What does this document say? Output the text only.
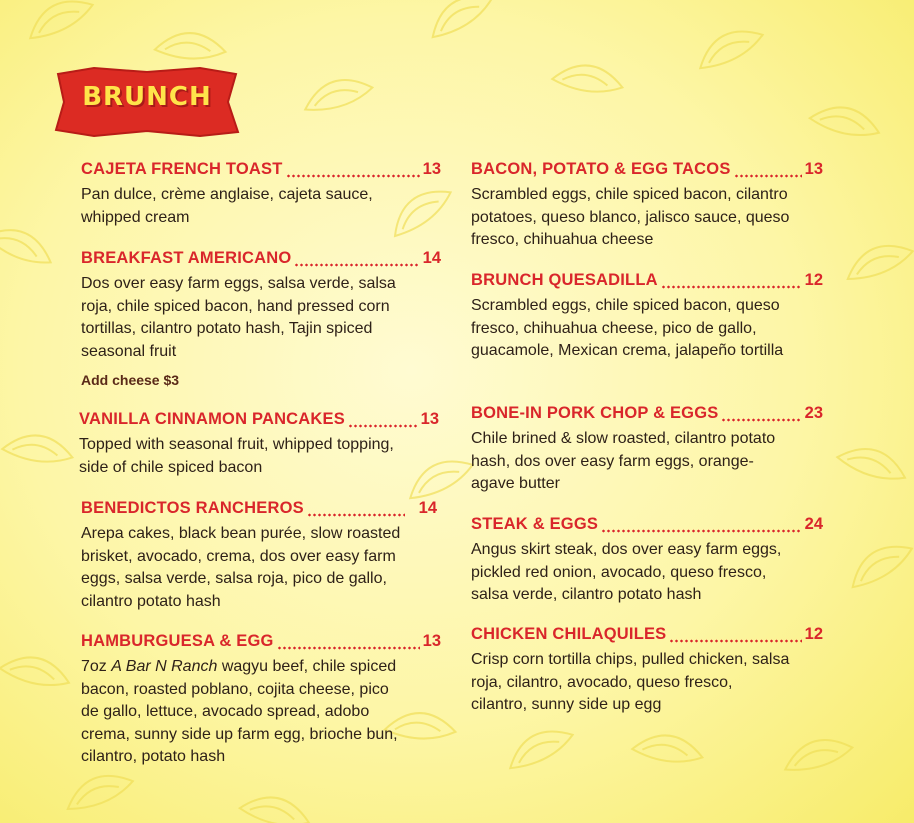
BRUNCH
CAJETA FRENCH TOAST	13
Pan dulce, crème anglaise, cajeta sauce, whipped cream
BREAKFAST AMERICANO	14
Dos over easy farm eggs, salsa verde, salsa roja, chile spiced bacon, hand pressed corn tortillas, cilantro potato hash, Tajin spiced seasonal fruit
Add cheese $3
VANILLA CINNAMON PANCAKES	13
Topped with seasonal fruit, whipped topping, side of chile spiced bacon
BENEDICTOS RANCHEROS	14
Arepa cakes, black bean purée, slow roasted brisket, avocado, crema, dos over easy farm eggs, salsa verde, salsa roja, pico de gallo, cilantro potato hash
HAMBURGUESA & EGG	13
7oz A Bar N Ranch wagyu beef, chile spiced bacon, roasted poblano, cojita cheese, pico de gallo, lettuce, avocado spread, adobo crema, sunny side up farm egg, brioche bun, cilantro, potato hash
BACON, POTATO & EGG TACOS	13
Scrambled eggs, chile spiced bacon, cilantro potatoes, queso blanco, jalisco sauce, queso fresco, chihuahua cheese
BRUNCH QUESADILLA	12
Scrambled eggs, chile spiced bacon, queso fresco, chihuahua cheese, pico de gallo, guacamole, Mexican crema, jalapeño tortilla
BONE-IN PORK CHOP & EGGS	23
Chile brined & slow roasted, cilantro potato hash, dos over easy farm eggs, orange-agave butter
STEAK & EGGS	24
Angus skirt steak, dos over easy farm eggs, pickled red onion, avocado, queso fresco, salsa verde, cilantro potato hash
CHICKEN CHILAQUILES	12
Crisp corn tortilla chips, pulled chicken, salsa roja, cilantro, avocado, queso fresco, cilantro, sunny side up egg
